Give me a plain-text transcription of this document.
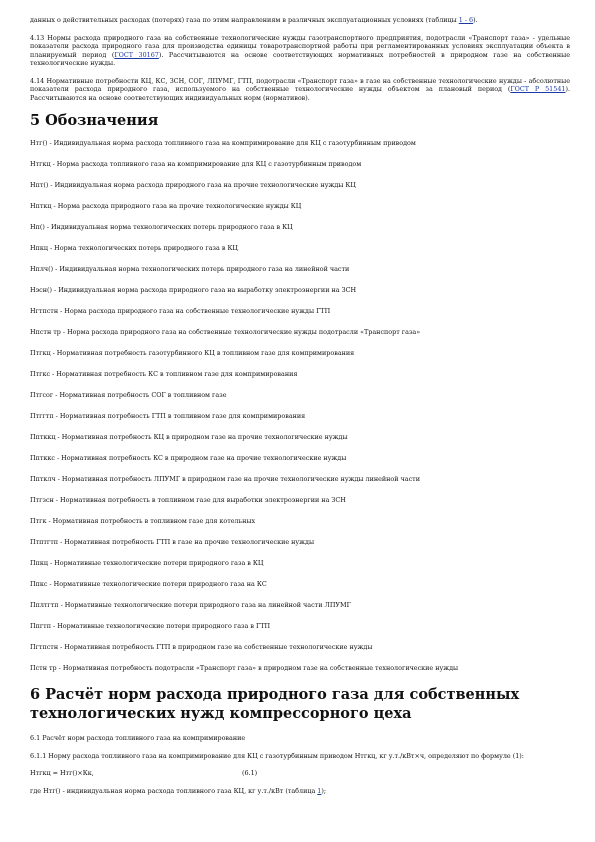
данных о действительных расходах (потерях) газа по этим направлениям в различных эксплуатационных условиях (таблицы 1 - 6).

4.13 Нормы расхода природного газа на собственные технологические нужды газотранспортного предприятия, подотрасли «Транспорт газа» - удельные показатели расхода природного газа для производства единицы товаротранспортной работы при регламентированных условиях эксплуатации объекта в планируемый период (ГОСТ 30167). Рассчитываются на основе соответствующих нормативных потребностей в природном газе на собственные технологические нужды.

4.14 Нормативные потребности КЦ, КС, ЗСН, СОГ, ЛПУМГ, ГТП, подотрасли «Транспорт газа» в газе на собственные технологические нужды - абсолютные показатели расхода природного газа, используемого на собственные технологические нужды объектом за плановый период (ГОСТ Р 51541). Рассчитываются на основе соответствующих индивидуальных норм (нормативов).

5 Обозначения

Нтг() - Индивидуальная норма расхода топливного газа на компримирование для КЦ с газотурбинным приводом

Нтгкц - Норма расхода топливного газа на компримирование для КЦ с газотурбинным приводом

Нпт() - Индивидуальная норма расхода природного газа на прочие технологические нужды КЦ

Нпткц - Норма расхода природного газа на прочие технологические нужды КЦ

Нп() - Индивидуальная норма технологических потерь природного газа в КЦ

Нпкц - Норма технологических потерь природного газа в КЦ

Нплч() - Индивидуальная норма технологических потерь природного газа на линейной части

Нэсн() - Индивидуальная норма расхода природного газа на выработку электроэнергии на ЗСН

Нгтпстн - Норма расхода природного газа на собственные технологические нужды ГТП

Нпстн тр - Норма расхода природного газа на собственные технологические нужды подотрасли «Транспорт газа»

Птгкц - Нормативная потребность газотурбинного КЦ в топливном газе для компримирования

Птгкс - Нормативная потребность КС в топливном газе для компримирования

Птгсог - Нормативная потребность СОГ в топливном газе

Птггтп - Нормативная потребность ГТП в топливном газе для компримирования

Пптккц - Нормативная потребность КЦ в природном газе на прочие технологические нужды

Пптккс - Нормативная потребность КС в природном газе на прочие технологические нужды

Пптклч - Нормативная потребность ЛПУМГ в природном газе на прочие технологические нужды линейной части

Птгзсн - Нормативная потребность в топливном газе для выработки электроэнергии на ЗСН

Птгк - Нормативная потребность в топливном газе для котельных

Птптгтп - Нормативная потребность ГТП в газе на прочие технологические нужды

Ппкц - Нормативные технологические потери природного газа в КЦ

Ппкс - Нормативные технологические потери природного газа на КС

Пплтгтп - Нормативные технологические потери природного газа на линейной части ЛПУМГ

Ппгтп - Нормативные технологические потери природного газа в ГТП

Пгтпстн - Нормативная потребность ГТП в природном газе на собственные технологические нужды

Пстн тр - Нормативная потребность подотрасли «Транспорт газа» в природном газе на собственные технологические нужды

6 Расчёт норм расхода природного газа для собственных технологических нужд компрессорного цеха

6.1 Расчёт норм расхода топливного газа на компримирование

6.1.1 Норму расхода топливного газа на компримирование для КЦ с газотурбинным приводом Нтгкц, кг у.т./кВт×ч, определяют по формуле (1):

Нтгкц = Нтг()×Кк,	(6.1)

где Нтг() - индивидуальная норма расхода топливного газа КЦ, кг у.т./кВт (таблица 1);
